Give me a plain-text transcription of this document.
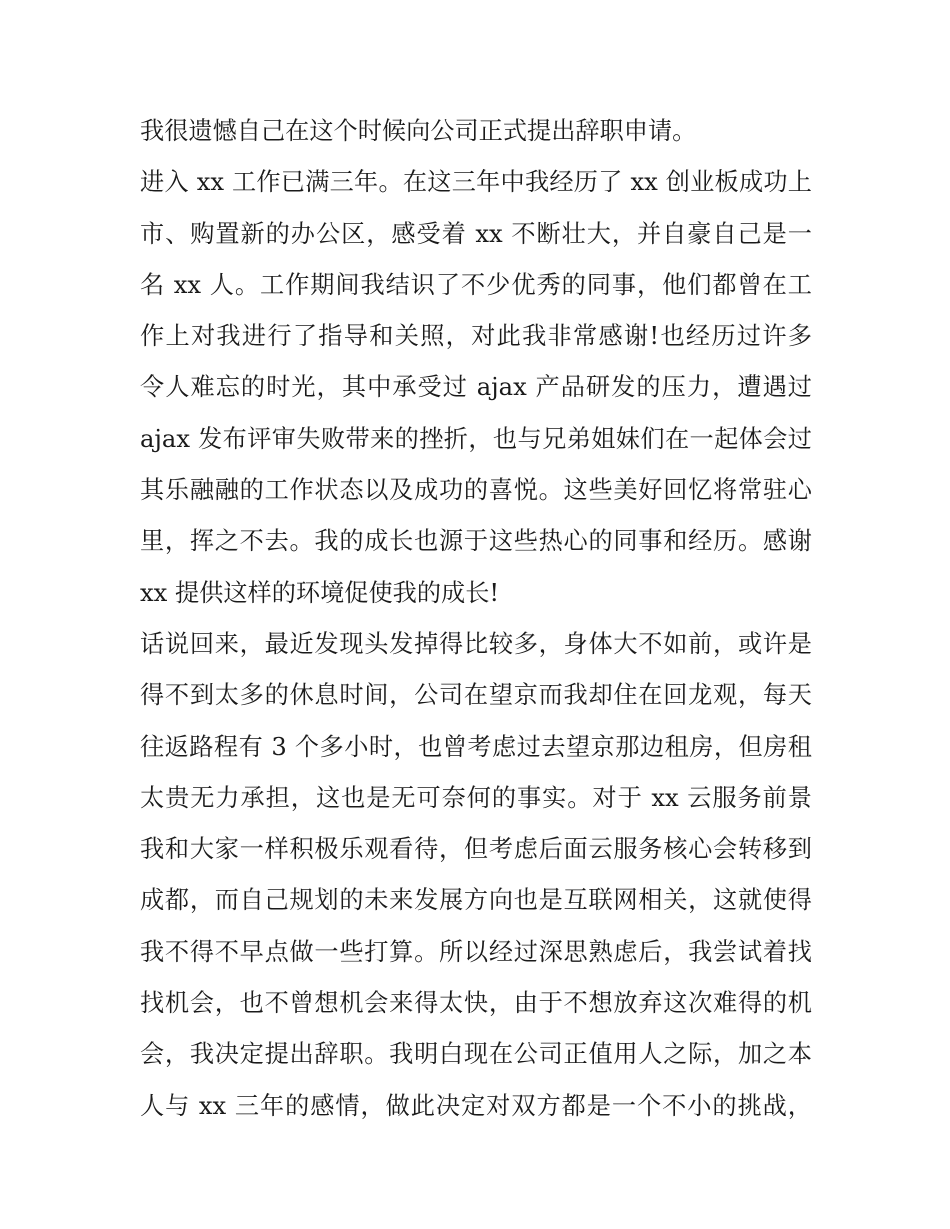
我很遗憾自己在这个时候向公司正式提出辞职申请。
进入 xx 工作已满三年。在这三年中我经历了 xx 创业板成功上
市、购置新的办公区，感受着 xx 不断壮大，并自豪自己是一
名 xx 人。工作期间我结识了不少优秀的同事，他们都曾在工
作上对我进行了指导和关照，对此我非常感谢!也经历过许多
令人难忘的时光，其中承受过 ajax 产品研发的压力，遭遇过
ajax 发布评审失败带来的挫折，也与兄弟姐妹们在一起体会过
其乐融融的工作状态以及成功的喜悦。这些美好回忆将常驻心
里，挥之不去。我的成长也源于这些热心的同事和经历。感谢
xx 提供这样的环境促使我的成长!
话说回来，最近发现头发掉得比较多，身体大不如前，或许是
得不到太多的休息时间，公司在望京而我却住在回龙观，每天
往返路程有 3 个多小时，也曾考虑过去望京那边租房，但房租
太贵无力承担，这也是无可奈何的事实。对于 xx 云服务前景
我和大家一样积极乐观看待，但考虑后面云服务核心会转移到
成都，而自己规划的未来发展方向也是互联网相关，这就使得
我不得不早点做一些打算。所以经过深思熟虑后，我尝试着找
找机会，也不曾想机会来得太快，由于不想放弃这次难得的机
会，我决定提出辞职。我明白现在公司正值用人之际，加之本
人与 xx 三年的感情，做此决定对双方都是一个不小的挑战，
